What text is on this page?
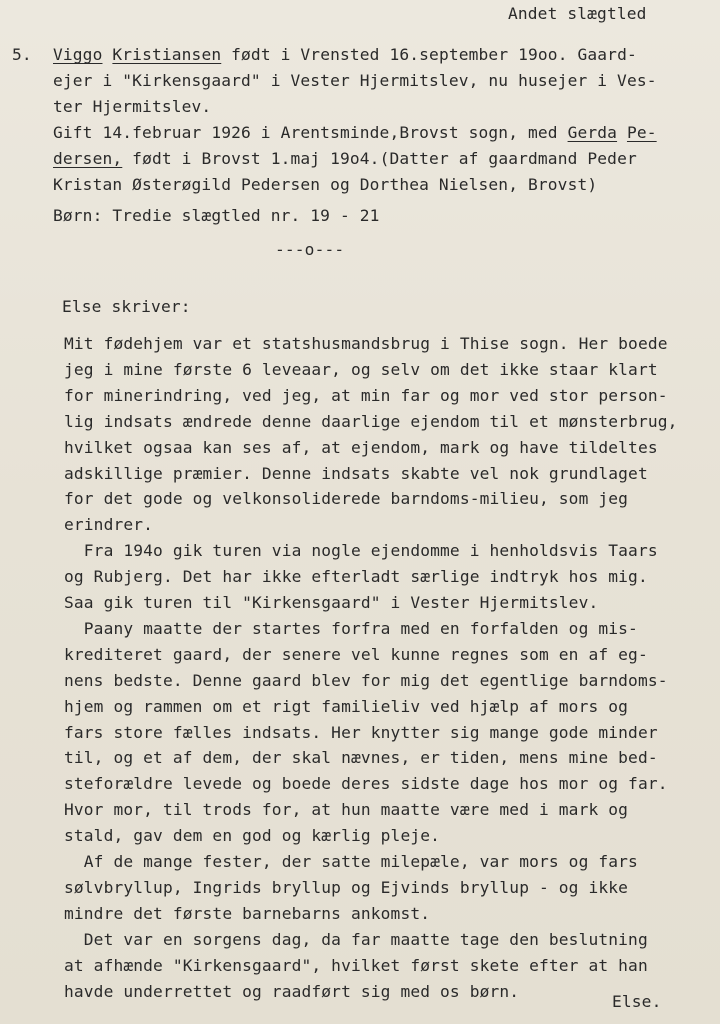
Andet slægtled
5. Viggo Kristiansen født i Vrensted 16.september 19oo. Gaard-
ejer i "Kirkensgaard" i Vester Hjermitslev, nu husejer i Ves-
ter Hjermitslev.
Gift 14.februar 1926 i Arentsminde,Brovst sogn, med Gerda Pe-
dersen, født i Brovst 1.maj 19o4.(Datter af gaardmand Peder
Kristan Østerøgild Pedersen og Dorthea Nielsen, Brovst)
Børn: Tredie slægtled nr. 19 - 21
---o---
Else skriver:
Mit fødehjem var et statshusmandsbrug i Thise sogn. Her boede
jeg i mine første 6 leveaar, og selv om det ikke staar klart
for minerindring, ved jeg, at min far og mor ved stor person-
lig indsats ændrede denne daarlige ejendom til et mønsterbrug,
hvilket ogsaa kan ses af, at ejendom, mark og have tildeltes
adskillige præmier. Denne indsats skabte vel nok grundlaget
for det gode og velkonsoliderede barndoms-milieu, som jeg
erindrer.
Fra 194o gik turen via nogle ejendomme i henholdsvis Taars
og Rubjerg. Det har ikke efterladt særlige indtryk hos mig.
Saa gik turen til "Kirkensgaard" i Vester Hjermitslev.
Paany maatte der startes forfra med en forfalden og mis-
krediteret gaard, der senere vel kunne regnes som en af eg-
nens bedste. Denne gaard blev for mig det egentlige barndoms-
hjem og rammen om et rigt familieliv ved hjælp af mors og
fars store fælles indsats. Her knytter sig mange gode minder
til, og et af dem, der skal nævnes, er tiden, mens mine bed-
steforældre levede og boede deres sidste dage hos mor og far.
Hvor mor, til trods for, at hun maatte være med i mark og
stald, gav dem en god og kærlig pleje.
Af de mange fester, der satte milepæle, var mors og fars
sølvbryllup, Ingrids bryllup og Ejvinds bryllup - og ikke
mindre det første barnebarns ankomst.
Det var en sorgens dag, da far maatte tage den beslutning
at afhænde "Kirkensgaard", hvilket først skete efter at han
havde underrettet og raadført sig med os børn.
Else.
